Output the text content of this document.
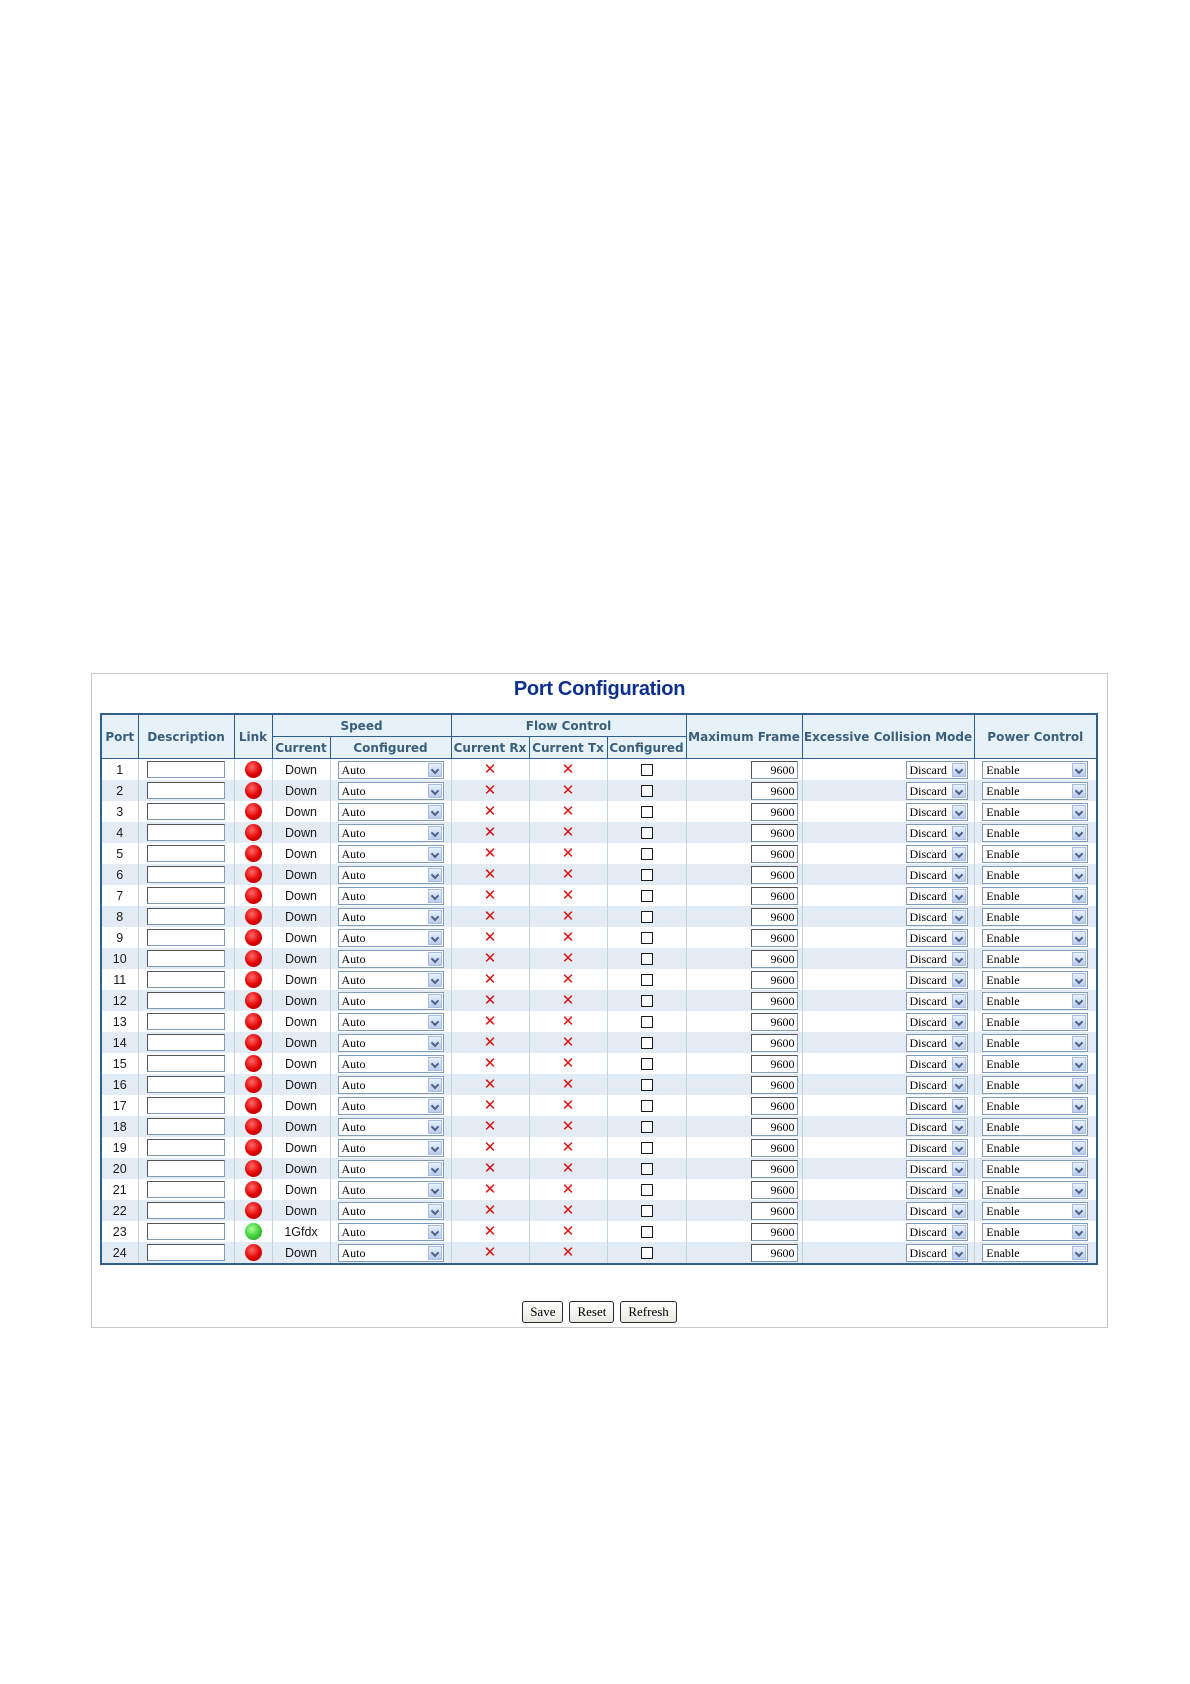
Port Configuration
Port	Description	Link	Speed		Flow Control			Maximum Frame	Excessive Collision Mode	Power Control
			Current	Configured	Current Rx	Current Tx	Configured			
1			Down	Auto	✕	✕		9600	Discard	Enable

2			Down	Auto	✕	✕		9600	Discard	Enable

3			Down	Auto	✕	✕		9600	Discard	Enable

4			Down	Auto	✕	✕		9600	Discard	Enable

5			Down	Auto	✕	✕		9600	Discard	Enable

6			Down	Auto	✕	✕		9600	Discard	Enable

7			Down	Auto	✕	✕		9600	Discard	Enable

8			Down	Auto	✕	✕		9600	Discard	Enable

9			Down	Auto	✕	✕		9600	Discard	Enable

10			Down	Auto	✕	✕		9600	Discard	Enable

11			Down	Auto	✕	✕		9600	Discard	Enable

12			Down	Auto	✕	✕		9600	Discard	Enable

13			Down	Auto	✕	✕		9600	Discard	Enable

14			Down	Auto	✕	✕		9600	Discard	Enable

15			Down	Auto	✕	✕		9600	Discard	Enable

16			Down	Auto	✕	✕		9600	Discard	Enable

17			Down	Auto	✕	✕		9600	Discard	Enable

18			Down	Auto	✕	✕		9600	Discard	Enable

19			Down	Auto	✕	✕		9600	Discard	Enable

20			Down	Auto	✕	✕		9600	Discard	Enable

21			Down	Auto	✕	✕		9600	Discard	Enable

22			Down	Auto	✕	✕		9600	Discard	Enable

23			1Gfdx	Auto	✕	✕		9600	Discard	Enable

24			Down	Auto	✕	✕		9600	Discard	Enable
Save Reset Refresh
